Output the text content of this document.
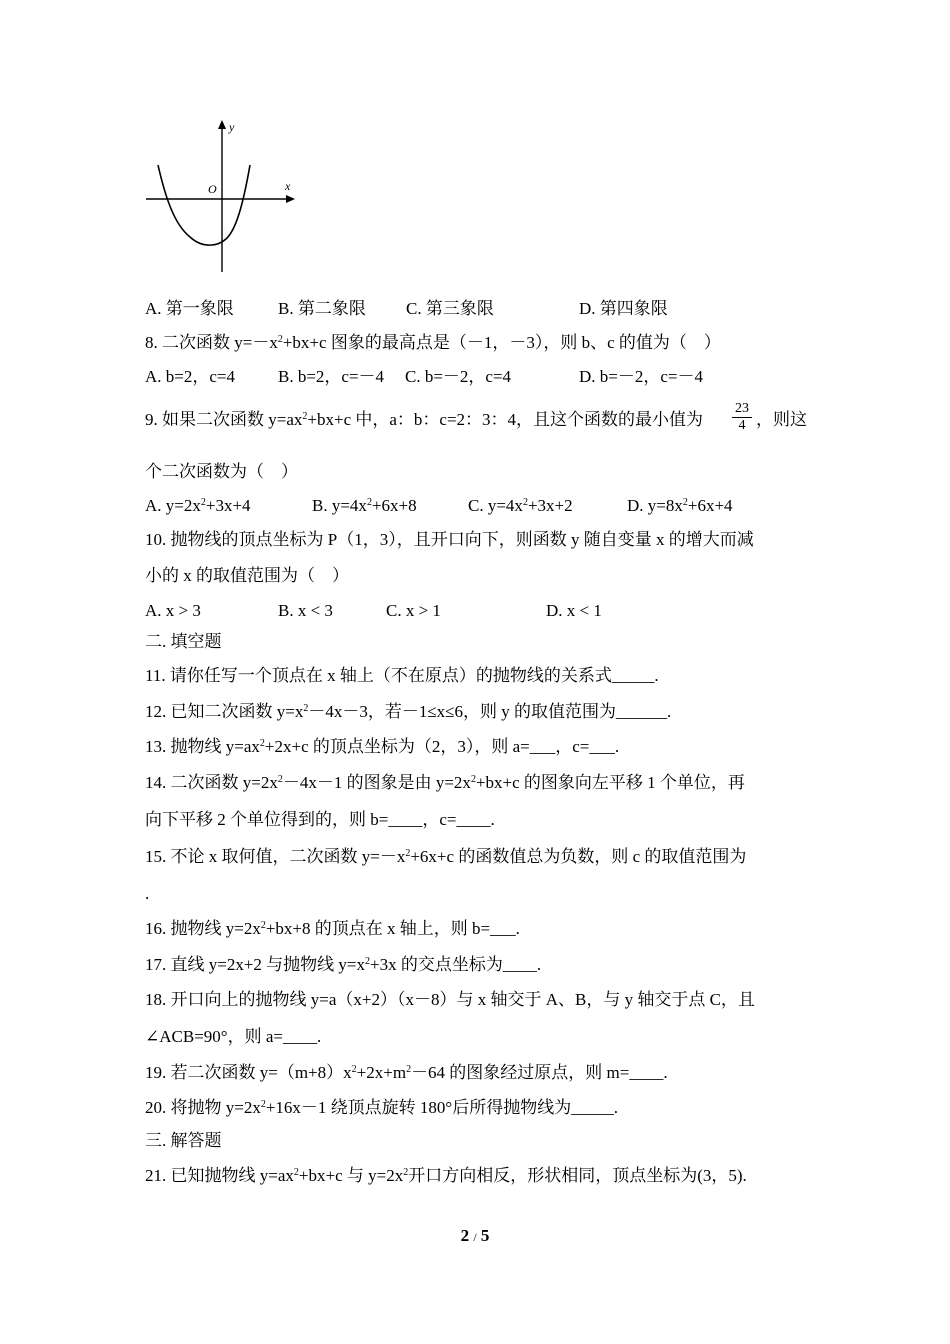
y
x
O
A. 第一象限	B. 第二象限 C. 第三象限	D. 第四象限
8. 二次函数 $y=-x^2+bx+c$ 图象的最高点是（－1，－3），则 b、c 的值为（　）
A. b=2，c=4	B. b=2，c=－4 C. b=－2，c=4	D. b=－2，c=－4
9. 如果二次函数 $y=ax^2+bx+c$ 中，a：b：c=2：3：4，且这个函数的最小值为 $\frac{23}{4}$ ，则这
个二次函数为（　）
A. $y=2x^2+3x+4$	B. $y=4x^2+6x+8$	C. $y=4x^2+3x+2$	D. $y=8x^2+6x+4$
10. 抛物线的顶点坐标为 P（1，3），且开口向下，则函数 y 随自变量 x 的增大而减
小的 x 的取值范围为（　）
A. x > 3	B. x < 3	C. x > 1	D. x < 1
二. 填空题
11. 请你任写一个顶点在 x 轴上（不在原点）的抛物线的关系式_____.
12. 已知二次函数 $y=x^2-4x-3$，若－1≤x≤6，则 y 的取值范围为______.
13. 抛物线 $y=ax^2+2x+c$ 的顶点坐标为（2，3），则 a=___，c=___.
14. 二次函数 $y=2x^2-4x-1$ 的图象是由 $y=2x^2+bx+c$ 的图象向左平移 1 个单位，再
向下平移 2 个单位得到的，则 b=____，c=____.
15. 不论 x 取何值，二次函数 $y=-x^2+6x+c$ 的函数值总为负数，则 c 的取值范围为
.
16. 抛物线 $y=2x^2+bx+8$ 的顶点在 x 轴上，则 b=___.
17. 直线 y=2x+2 与抛物线 $y=x^2+3x$ 的交点坐标为____.
18. 开口向上的抛物线 y=a（x+2）（x－8）与 x 轴交于 A、B，与 y 轴交于点 C，且
∠ACB=90°，则 a=____.
19. 若二次函数 $y=(m+8)x^2+2x+m^2-64$ 的图象经过原点，则 m=____.
20. 将抛物 $y=2x^2+16x-1$ 绕顶点旋转 180°后所得抛物线为_____.
三. 解答题
21. 已知抛物线 $y=ax^2+bx+c$ 与 $y=2x^2$开口方向相反，形状相同，顶点坐标为(3，5).
2 / 5
